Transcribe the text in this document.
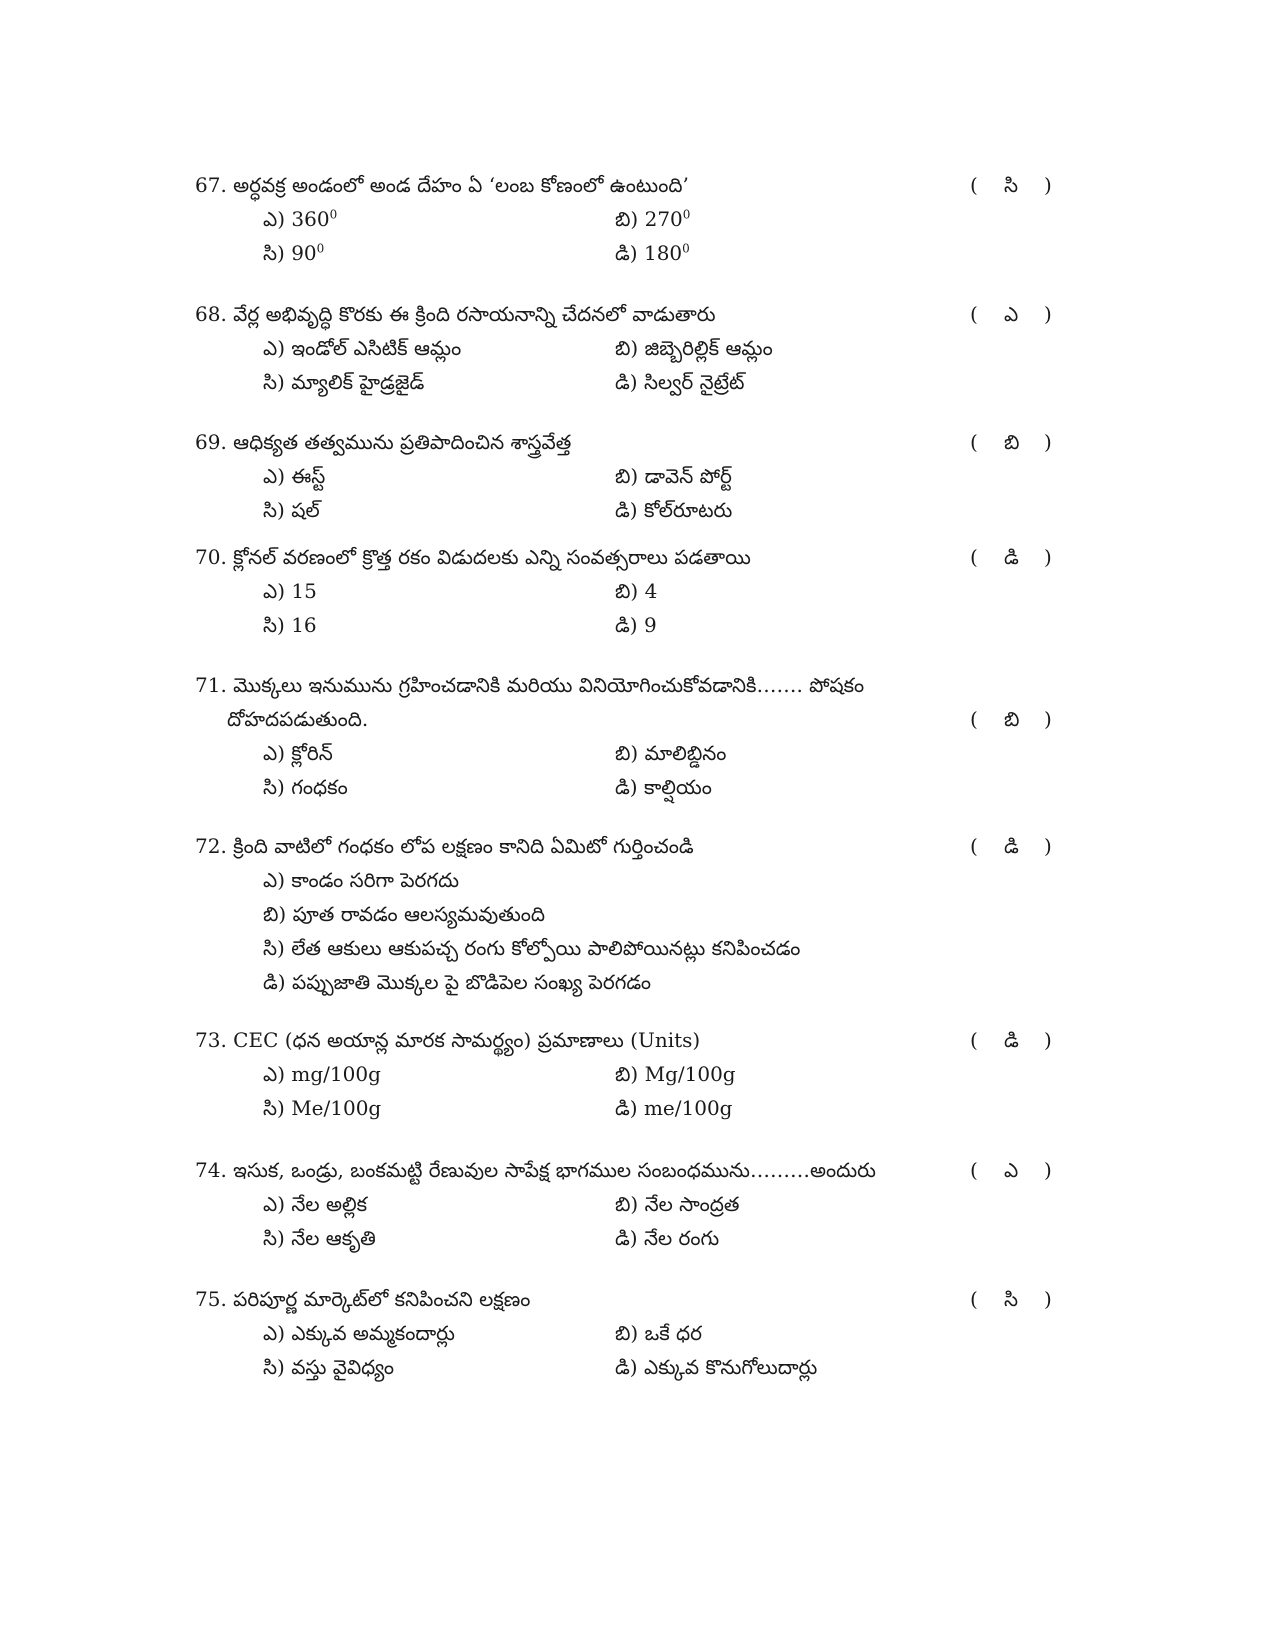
67. అర్ధవక్ర అండంలో అండ దేహం ఏ ‘లంబ కోణంలో ఉంటుంది’	( సి )
ఎ) $360^0$	బి) $270^0$
సి) $90^0$	డి) $180^0$
68. వేర్ల అభివృద్ధి కొరకు ఈ క్రింది రసాయనాన్ని చేదనలో వాడుతారు	( ఎ )
ఎ) ఇండోల్ ఎసిటిక్ ఆమ్లం	బి) జిబ్బెరిల్లిక్ ఆమ్లం
సి) మ్యాలిక్ హైడ్రజైడ్	డి) సిల్వర్ నైట్రేట్
69. ఆధిక్యత తత్వమును ప్రతిపాదించిన శాస్త్రవేత్త	( బి )
ఎ) ఈస్ట్	బి) డావెన్ పోర్ట్
సి) షల్	డి) కోల్‌రూటరు
70. క్లోనల్ వరణంలో క్రొత్త రకం విడుదలకు ఎన్ని సంవత్సరాలు పడతాయి	( డి )
ఎ) 15	బి) 4
సి) 16	డి) 9
71. మొక్కలు ఇనుమును గ్రహించడానికి మరియు వినియోగించుకోవడానికి……. పోషకం
దోహదపడుతుంది.	( బి )
ఎ) క్లోరిన్	బి) మాలిబ్డినం
సి) గంధకం	డి) కాల్షియం
72. క్రింది వాటిలో గంధకం లోప లక్షణం కానిది ఏమిటో గుర్తించండి	( డి )
ఎ) కాండం సరిగా పెరగదు
బి) పూత రావడం ఆలస్యమవుతుంది
సి) లేత ఆకులు ఆకుపచ్చ రంగు కోల్పోయి పాలిపోయినట్లు కనిపించడం
డి) పప్పుజాతి మొక్కల పై బొడిపెల సంఖ్య పెరగడం
73. CEC (ధన అయాన్ల మారక సామర్థ్యం) ప్రమాణాలు (Units)	( డి )
ఎ) mg/100g	బి) Mg/100g
సి) Me/100g	డి) me/100g
74. ఇసుక, ఒండ్రు, బంకమట్టి రేణువుల సాపేక్ష భాగముల సంబంధమును………అందురు	( ఎ )
ఎ) నేల అల్లిక	బి) నేల సాంద్రత
సి) నేల ఆకృతి	డి) నేల రంగు
75. పరిపూర్ణ మార్కెట్‌లో కనిపించని లక్షణం	( సి )
ఎ) ఎక్కువ అమ్మకందార్లు	బి) ఒకే ధర
సి) వస్తు వైవిధ్యం	డి) ఎక్కువ కొనుగోలుదార్లు
